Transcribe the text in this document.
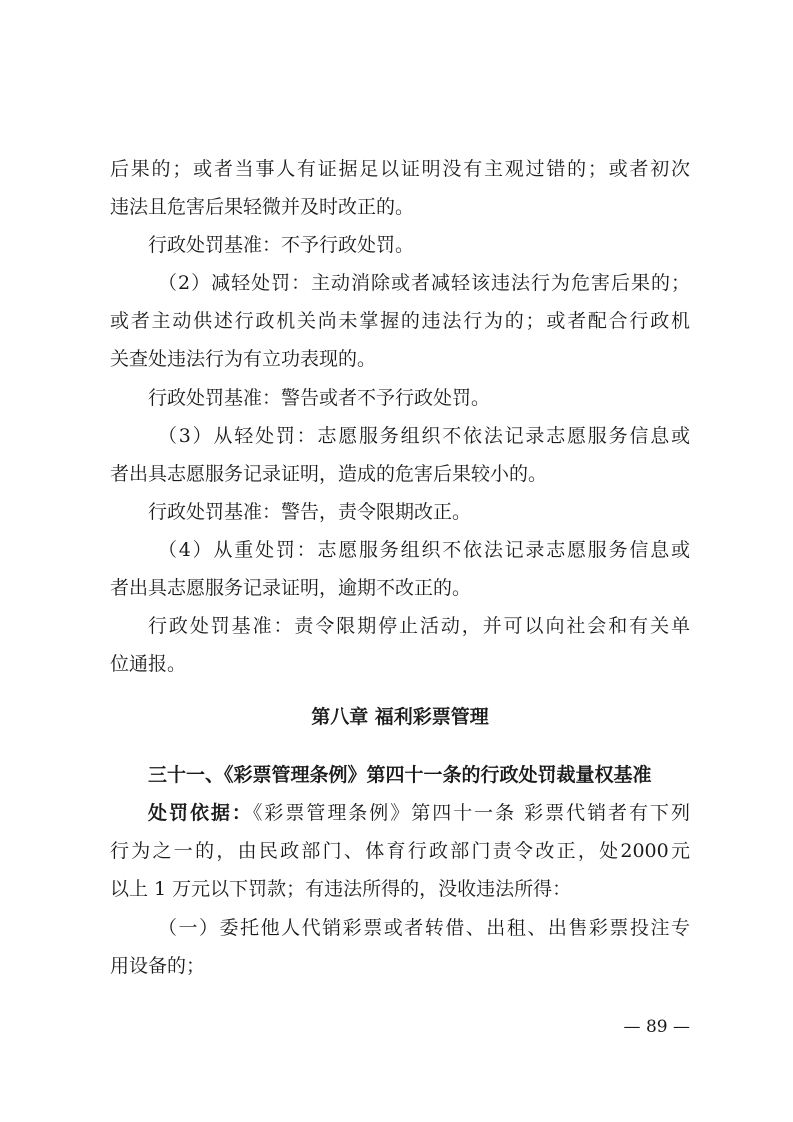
后果的；或者当事人有证据足以证明没有主观过错的；或者初次
违法且危害后果轻微并及时改正的。
行政处罚基准：不予行政处罚。
（2）减轻处罚：主动消除或者减轻该违法行为危害后果的；
或者主动供述行政机关尚未掌握的违法行为的；或者配合行政机
关查处违法行为有立功表现的。
行政处罚基准：警告或者不予行政处罚。
（3）从轻处罚：志愿服务组织不依法记录志愿服务信息或
者出具志愿服务记录证明，造成的危害后果较小的。
行政处罚基准：警告，责令限期改正。
（4）从重处罚：志愿服务组织不依法记录志愿服务信息或
者出具志愿服务记录证明，逾期不改正的。
行政处罚基准：责令限期停止活动，并可以向社会和有关单
位通报。
第八章 福利彩票管理
三十一、《彩票管理条例》第四十一条的行政处罚裁量权基准
处罚依据：《彩票管理条例》第四十一条 彩票代销者有下列
行为之一的，由民政部门、体育行政部门责令改正，处2000元
以上 1 万元以下罚款；有违法所得的，没收违法所得：
（一）委托他人代销彩票或者转借、出租、出售彩票投注专
用设备的；
— 89 —
